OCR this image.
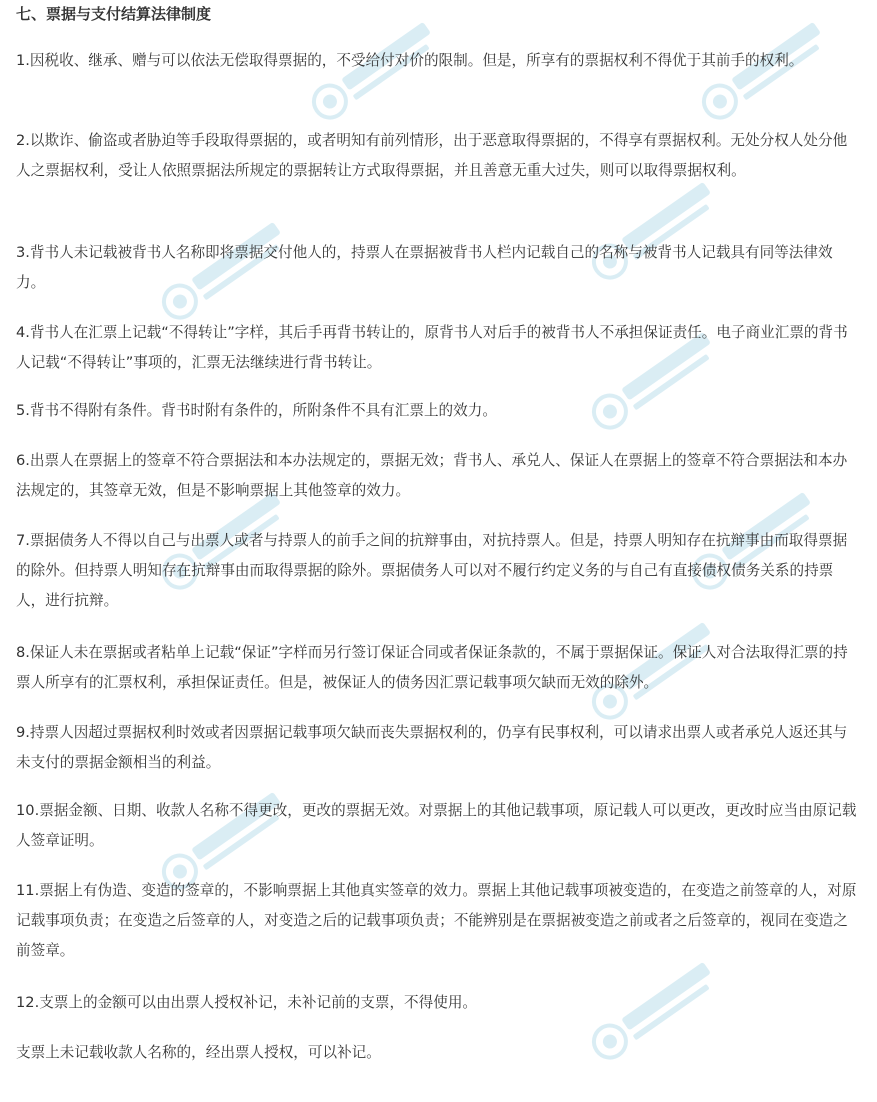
七、票据与支付结算法律制度

1.因税收、继承、赠与可以依法无偿取得票据的，不受给付对价的限制。但是，所享有的票据权利不得优于其前手的权利。

2.以欺诈、偷盗或者胁迫等手段取得票据的，或者明知有前列情形，出于恶意取得票据的，不得享有票据权利。无处分权人处分他人之票据权利，受让人依照票据法所规定的票据转让方式取得票据，并且善意无重大过失，则可以取得票据权利。

3.背书人未记载被背书人名称即将票据交付他人的，持票人在票据被背书人栏内记载自己的名称与被背书人记载具有同等法律效力。

4.背书人在汇票上记载“不得转让”字样，其后手再背书转让的，原背书人对后手的被背书人不承担保证责任。电子商业汇票的背书人记载“不得转让”事项的，汇票无法继续进行背书转让。

5.背书不得附有条件。背书时附有条件的，所附条件不具有汇票上的效力。

6.出票人在票据上的签章不符合票据法和本办法规定的，票据无效；背书人、承兑人、保证人在票据上的签章不符合票据法和本办法规定的，其签章无效，但是不影响票据上其他签章的效力。

7.票据债务人不得以自己与出票人或者与持票人的前手之间的抗辩事由，对抗持票人。但是，持票人明知存在抗辩事由而取得票据的除外。但持票人明知存在抗辩事由而取得票据的除外。票据债务人可以对不履行约定义务的与自己有直接债权债务关系的持票人，进行抗辩。

8.保证人未在票据或者粘单上记载“保证”字样而另行签订保证合同或者保证条款的，不属于票据保证。保证人对合法取得汇票的持票人所享有的汇票权利，承担保证责任。但是，被保证人的债务因汇票记载事项欠缺而无效的除外。

9.持票人因超过票据权利时效或者因票据记载事项欠缺而丧失票据权利的，仍享有民事权利，可以请求出票人或者承兑人返还其与未支付的票据金额相当的利益。

10.票据金额、日期、收款人名称不得更改，更改的票据无效。对票据上的其他记载事项，原记载人可以更改，更改时应当由原记载人签章证明。

11.票据上有伪造、变造的签章的，不影响票据上其他真实签章的效力。票据上其他记载事项被变造的，在变造之前签章的人，对原记载事项负责；在变造之后签章的人，对变造之后的记载事项负责；不能辨别是在票据被变造之前或者之后签章的，视同在变造之前签章。

12.支票上的金额可以由出票人授权补记，未补记前的支票，不得使用。

支票上未记载收款人名称的，经出票人授权，可以补记。
